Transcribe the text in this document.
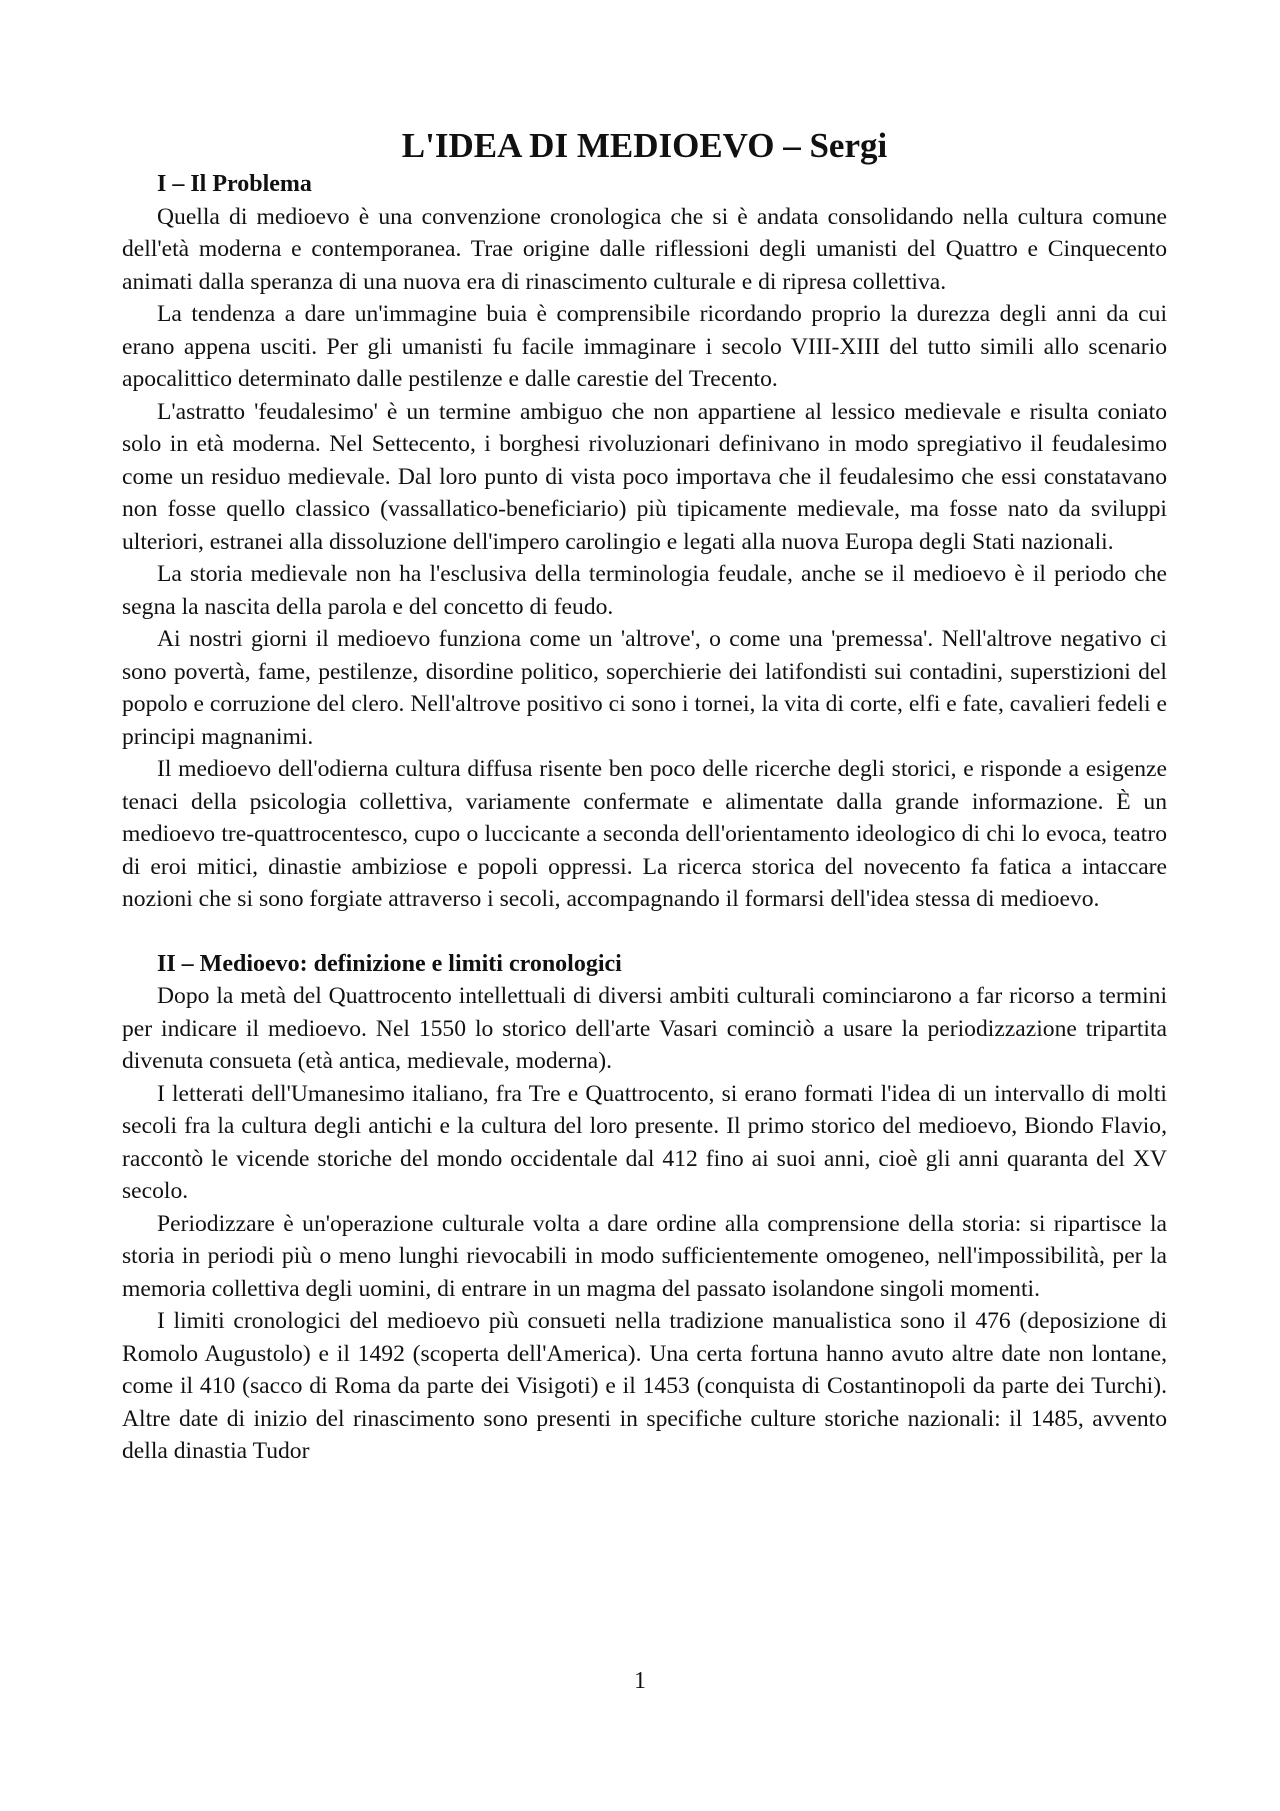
L'IDEA DI MEDIOEVO – Sergi
I – Il Problema

Quella di medioevo è una convenzione cronologica che si è andata consolidando nella cultura comune dell'età moderna e contemporanea. Trae origine dalle riflessioni degli umanisti del Quattro e Cinquecento animati dalla speranza di una nuova era di rinascimento culturale e di ripresa collettiva.

La tendenza a dare un'immagine buia è comprensibile ricordando proprio la durezza degli anni da cui erano appena usciti. Per gli umanisti fu facile immaginare i secolo VIII-XIII del tutto simili allo scenario apocalittico determinato dalle pestilenze e dalle carestie del Trecento.

L'astratto 'feudalesimo' è un termine ambiguo che non appartiene al lessico medievale e risulta coniato solo in età moderna. Nel Settecento, i borghesi rivoluzionari definivano in modo spregiativo il feudalesimo come un residuo medievale. Dal loro punto di vista poco importava che il feudalesimo che essi constatavano non fosse quello classico (vassallatico-beneficiario) più tipicamente medievale, ma fosse nato da sviluppi ulteriori, estranei alla dissoluzione dell'impero carolingio e legati alla nuova Europa degli Stati nazionali.

La storia medievale non ha l'esclusiva della terminologia feudale, anche se il medioevo è il periodo che segna la nascita della parola e del concetto di feudo.

Ai nostri giorni il medioevo funziona come un 'altrove', o come una 'premessa'. Nell'altrove negativo ci sono povertà, fame, pestilenze, disordine politico, soperchierie dei latifondisti sui contadini, superstizioni del popolo e corruzione del clero. Nell'altrove positivo ci sono i tornei, la vita di corte, elfi e fate, cavalieri fedeli e principi magnanimi.

Il medioevo dell'odierna cultura diffusa risente ben poco delle ricerche degli storici, e risponde a esigenze tenaci della psicologia collettiva, variamente confermate e alimentate dalla grande informazione. È un medioevo tre-quattrocentesco, cupo o luccicante a seconda dell'orientamento ideologico di chi lo evoca, teatro di eroi mitici, dinastie ambiziose e popoli oppressi. La ricerca storica del novecento fa fatica a intaccare nozioni che si sono forgiate attraverso i secoli, accompagnando il formarsi dell'idea stessa di medioevo.

II – Medioevo: definizione e limiti cronologici

Dopo la metà del Quattrocento intellettuali di diversi ambiti culturali cominciarono a far ricorso a termini per indicare il medioevo. Nel 1550 lo storico dell'arte Vasari cominciò a usare la periodizzazione tripartita divenuta consueta (età antica, medievale, moderna).

I letterati dell'Umanesimo italiano, fra Tre e Quattrocento, si erano formati l'idea di un intervallo di molti secoli fra la cultura degli antichi e la cultura del loro presente. Il primo storico del medioevo, Biondo Flavio, raccontò le vicende storiche del mondo occidentale dal 412 fino ai suoi anni, cioè gli anni quaranta del XV secolo.

Periodizzare è un'operazione culturale volta a dare ordine alla comprensione della storia: si ripartisce la storia in periodi più o meno lunghi rievocabili in modo sufficientemente omogeneo, nell'impossibilità, per la memoria collettiva degli uomini, di entrare in un magma del passato isolandone singoli momenti.

I limiti cronologici del medioevo più consueti nella tradizione manualistica sono il 476 (deposizione di Romolo Augustolo) e il 1492 (scoperta dell'America). Una certa fortuna hanno avuto altre date non lontane, come il 410 (sacco di Roma da parte dei Visigoti) e il 1453 (conquista di Costantinopoli da parte dei Turchi). Altre date di inizio del rinascimento sono presenti in specifiche culture storiche nazionali: il 1485, avvento della dinastia Tudor

1
